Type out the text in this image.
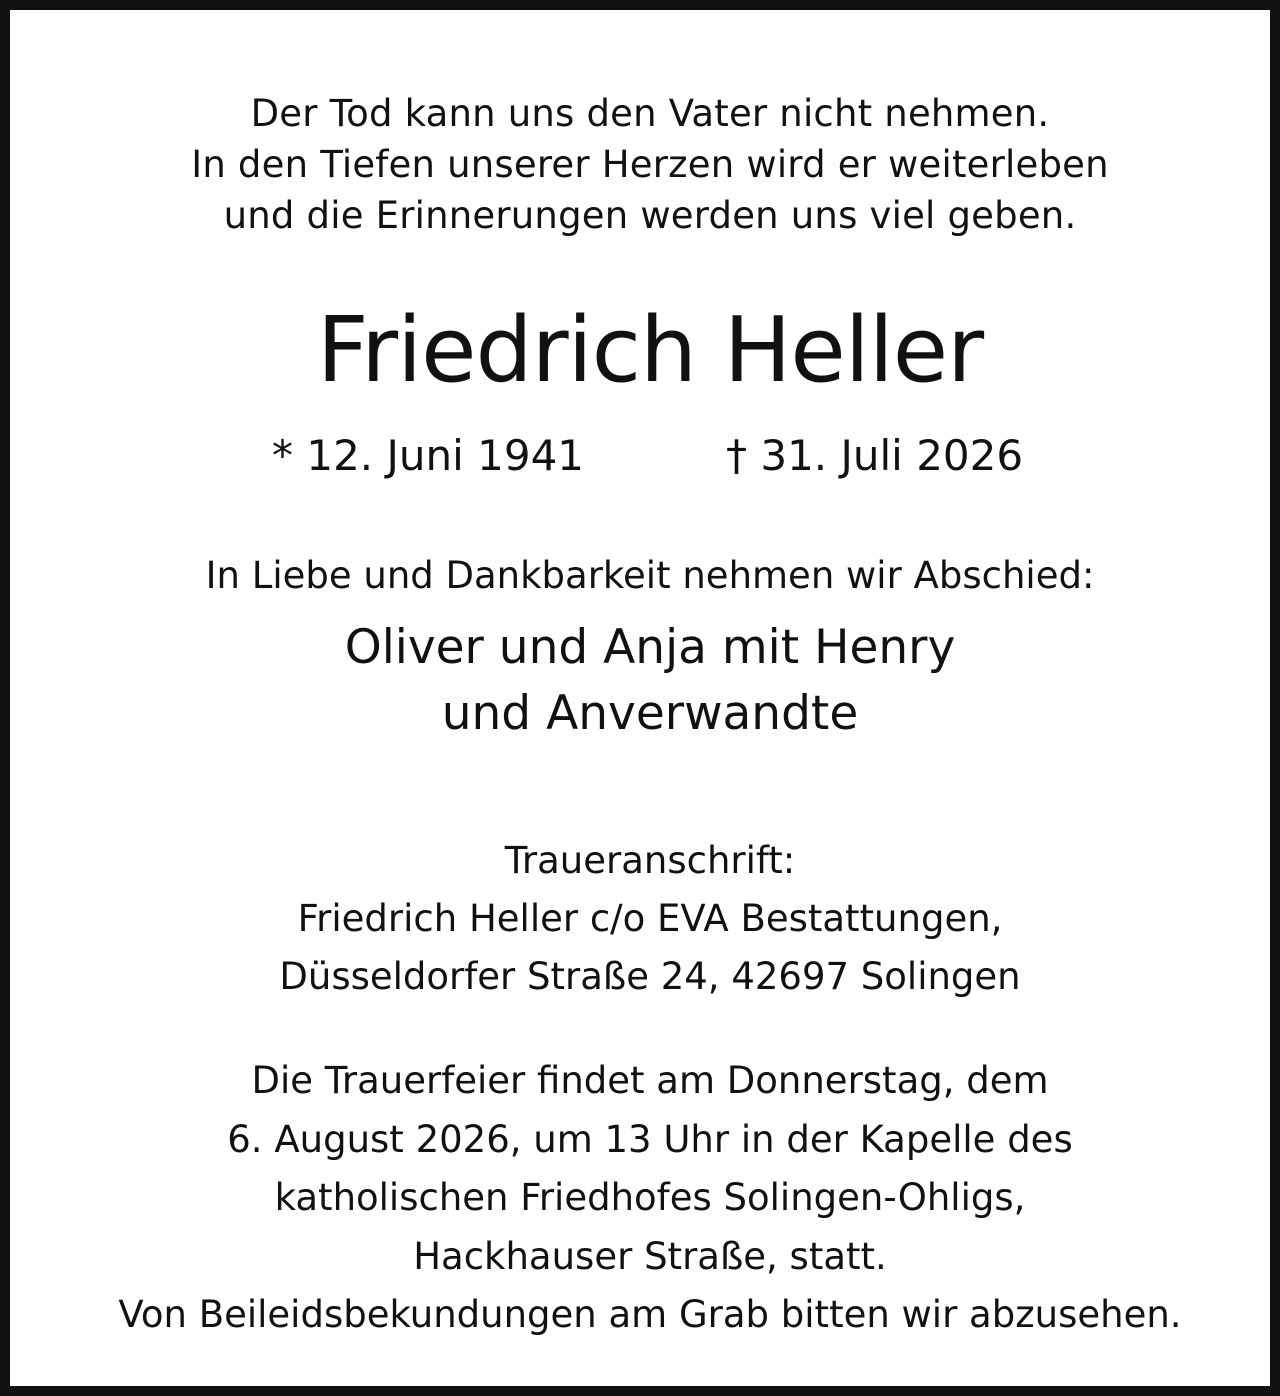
Der Tod kann uns den Vater nicht nehmen.
In den Tiefen unserer Herzen wird er weiterleben
und die Erinnerungen werden uns viel geben.
Friedrich Heller
* 12. Juni 1941	† 31. Juli 2026
In Liebe und Dankbarkeit nehmen wir Abschied:
Oliver und Anja mit Henry
und Anverwandte
Traueranschrift:
Friedrich Heller c/o EVA Bestattungen,
Düsseldorfer Straße 24, 42697 Solingen
Die Trauerfeier findet am Donnerstag, dem
6. August 2026, um 13 Uhr in der Kapelle des
katholischen Friedhofes Solingen-Ohligs,
Hackhauser Straße, statt.
Von Beileidsbekundungen am Grab bitten wir abzusehen.
